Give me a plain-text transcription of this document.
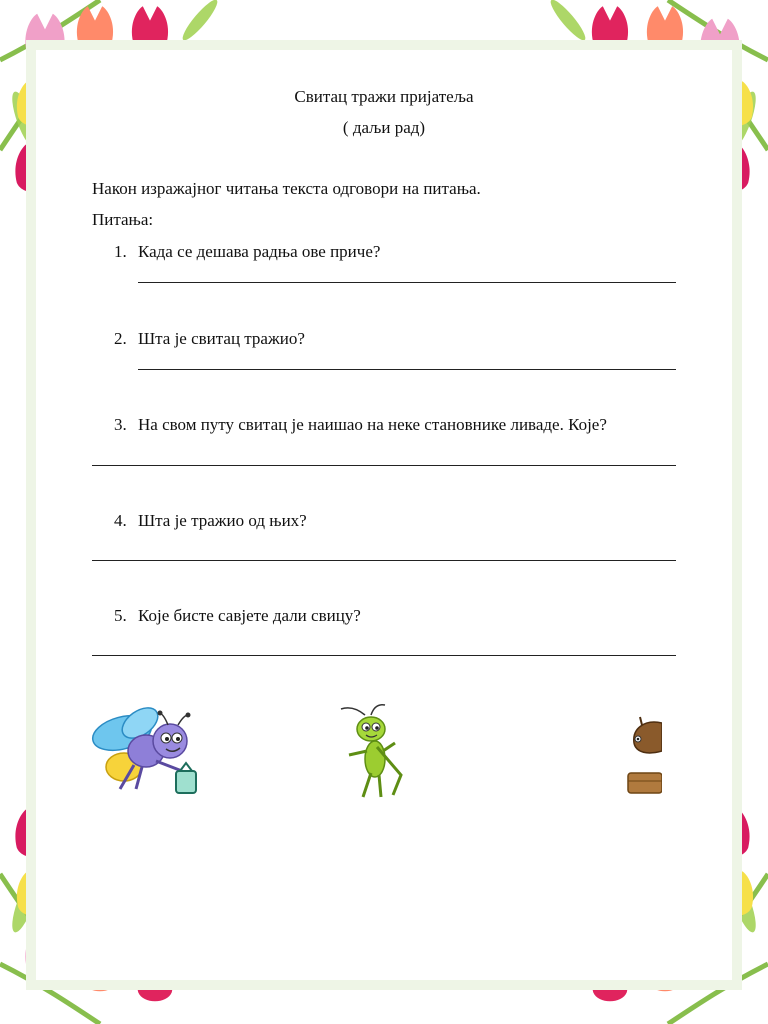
Свитац тражи пријатеља
( даљи рад)
Након изражајног читања текста одговори на питања.
Питања:
1. Када се дешава радња ове приче?
2. Шта је свитац тражио?
3. На свом путу свитац је наишао на неке становнике ливаде. Које?
4. Шта је тражио од њих?
5. Које бисте савјете дали свицу?
